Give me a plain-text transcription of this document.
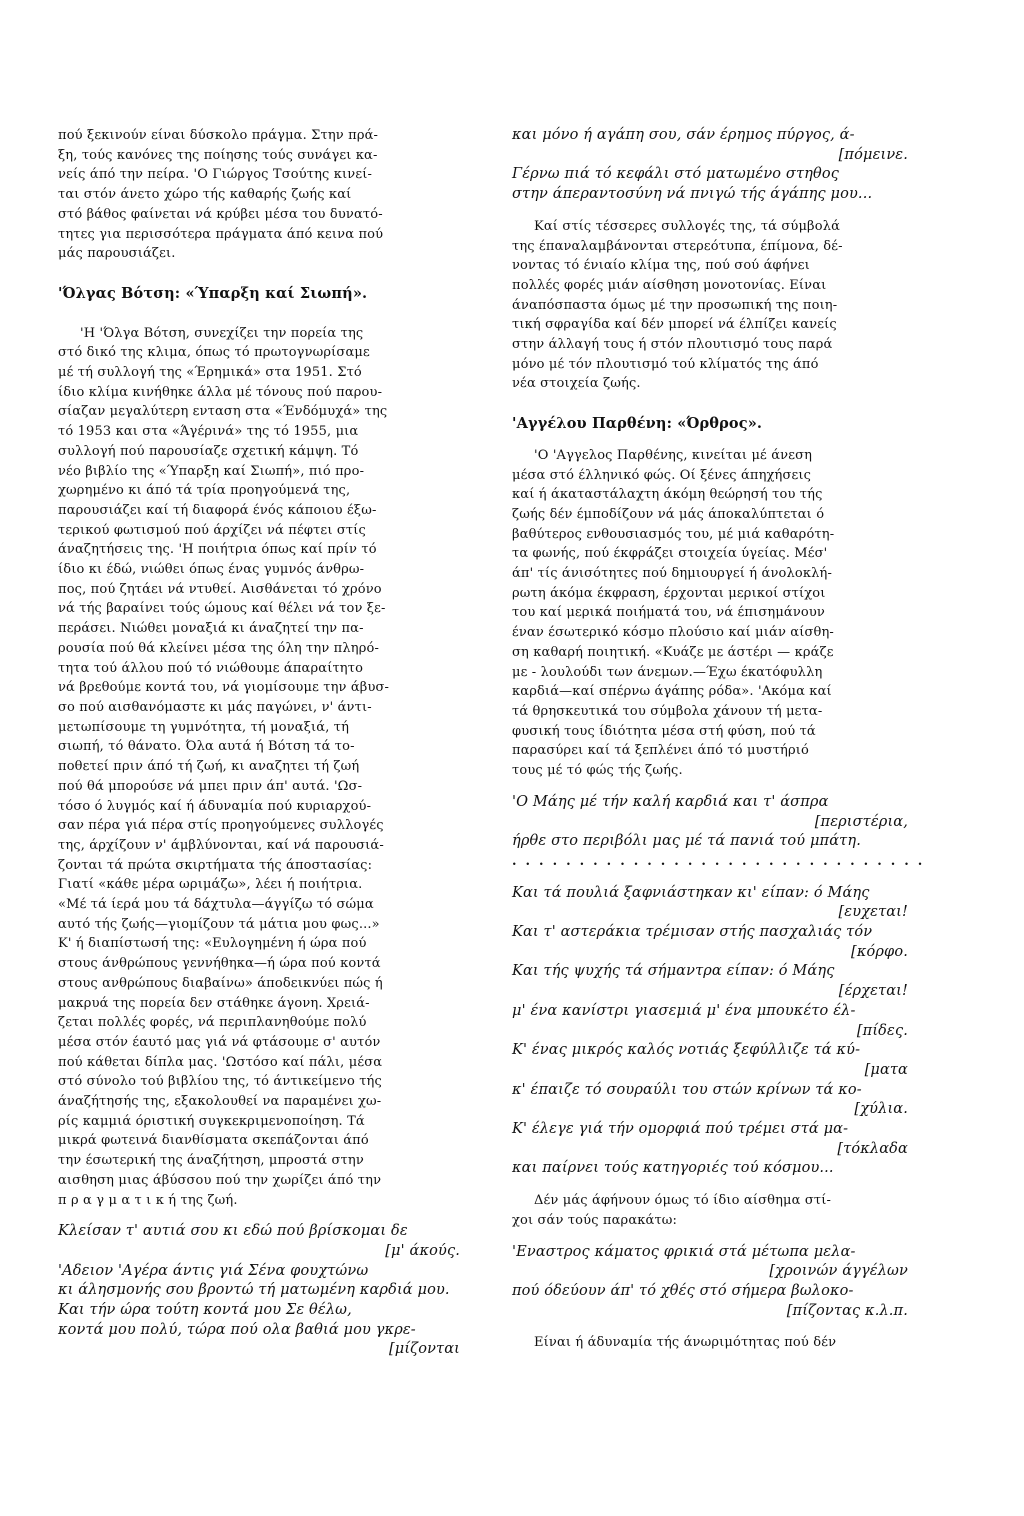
πού ξεκινούν είναι δύσκολο πράγμα. Στην πρά-
ξη, τούς κανόνες της ποίησης τούς συνάγει κα-
νείς άπό την πείρα. 'Ο Γιώργος Τσούτης κινεί-
ται στόν άνετο χώρο τής καθαρής ζωής καί
στό βάθος φαίνεται νά κρύβει μέσα του δυνατό-
τητες για περισσότερα πράγματα άπό κεινα πού
μάς παρουσιάζει.
'Όλγας Βότση: «Ύπαρξη καί Σιωπή».
'Η 'Όλγα Βότση, συνεχίζει την πορεία της
στό δικό της κλιμα, όπως τό πρωτογνωρίσαμε
μέ τή συλλογή της «Έρημικά» στα 1951. Στό
ίδιο κλίμα κινήθηκε άλλα μέ τόνους πού παρου-
σίαζαν μεγαλύτερη ενταση στα «Ένδόμυχά» της
τό 1953 και στα «Άγέρινά» της τό 1955, μια
συλλογή πού παρουσίαζε σχετική κάμψη. Τό
νέο βιβλίο της «Ύπαρξη καί Σιωπή», πιό προ-
χωρημένο κι άπό τά τρία προηγούμενά της,
παρουσιάζει καί τή διαφορά ένός κάποιου έξω-
τερικού φωτισμού πού άρχίζει νά πέφτει στίς
άναζητήσεις της. 'Η ποιήτρια όπως καί πρίν τό
ίδιο κι έδώ, νιώθει όπως ένας γυμνός άνθρω-
πος, πού ζητάει νά ντυθεί. Αισθάνεται τό χρόνο
νά τής βαραίνει τούς ώμους καί θέλει νά τον ξε-
περάσει. Νιώθει μοναξιά κι άναζητεί την πα-
ρουσία πού θά κλείνει μέσα της όλη την πληρό-
τητα τού άλλου πού τό νιώθουμε άπαραίτητο
νά βρεθούμε κοντά του, νά γιομίσουμε την άβυσ-
σο πού αισθανόμαστε κι μάς παγώνει, ν' άντι-
μετωπίσουμε τη γυμνότητα, τή μοναξιά, τή
σιωπή, τό θάνατο. Όλα αυτά ή Βότση τά το-
ποθετεί πριν άπό τή ζωή, κι αναζητει τή ζωή
πού θά μπορούσε νά μπει πριν άπ' αυτά. 'Ωσ-
τόσο ό λυγμός καί ή άδυναμία πού κυριαρχού-
σαν πέρα γιά πέρα στίς προηγούμενες συλλογές
της, άρχίζουν ν' άμβλύνονται, καί νά παρουσιά-
ζονται τά πρώτα σκιρτήματα τής άποστασίας:
Γιατί «κάθε μέρα ωριμάζω», λέει ή ποιήτρια.
«Μέ τά ίερά μου τά δάχτυλα—άγγίζω τό σώμα
αυτό τής ζωής—γιομίζουν τά μάτια μου φως...»
Κ' ή διαπίστωσή της: «Ευλογημένη ή ώρα πού
στους άνθρώπους γεννήθηκα—ή ώρα πού κοντά
στους ανθρώπους διαβαίνω» άποδεικνύει πώς ή
μακρυά της πορεία δεν στάθηκε άγονη. Χρειά-
ζεται πολλές φορές, νά περιπλανηθούμε πολύ
μέσα στόν έαυτό μας γιά νά φτάσουμε σ' αυτόν
πού κάθεται δίπλα μας. 'Ωστόσο καί πάλι, μέσα
στό σύνολο τού βιβλίου της, τό άντικείμενο τής
άναζήτησής της, εξακολουθεί να παραμένει χω-
ρίς καμμιά όριστική συγκεκριμενοποίηση. Τά
μικρά φωτεινά διανθίσματα σκεπάζονται άπό
την έσωτερική της άναζήτηση, μπροστά στην
αισθηση μιας άβύσσου πού την χωρίζει άπό την
π ρ α γ μ α τ ι κ ή της ζωή.
Κλείσαν τ' αυτιά σου κι εδώ πού βρίσκομαι δε
[μ' άκούς.
'Αδειον 'Αγέρα άντις γιά Σένα φουχτώνω
κι άλησμονής σου βροντώ τή ματωμένη καρδιά μου.
Και τήν ώρα τούτη κοντά μου Σε θέλω,
κοντά μου πολύ, τώρα πού ολα βαθιά μου γκρε-
[μίζονται
και μόνο ή αγάπη σου, σάν έρημος πύργος, ά-
[πόμεινε.
Γέρνω πιά τό κεφάλι στό ματωμένο στηθος
στην άπεραντοσύνη νά πνιγώ τής άγάπης μου...
Καί στίς τέσσερες συλλογές της, τά σύμβολά
της έπαναλαμβάνονται στερεότυπα, έπίμονα, δέ-
νοντας τό ένιαίο κλίμα της, πού σού άφήνει
πολλές φορές μιάν αίσθηση μονοτονίας. Είναι
άναπόσπαστα όμως μέ την προσωπική της ποιη-
τική σφραγίδα καί δέν μπορεί νά έλπίζει κανείς
στην άλλαγή τους ή στόν πλουτισμό τους παρά
μόνο μέ τόν πλουτισμό τού κλίματός της άπό
νέα στοιχεία ζωής.
'Αγγέλου Παρθένη: «Όρθρος».
'Ο 'Αγγελος Παρθένης, κινείται μέ άνεση
μέσα στό έλληνικό φώς. Οί ξένες άπηχήσεις
καί ή άκαταστάλαχτη άκόμη θεώρησή του τής
ζωής δέν έμποδίζουν νά μάς άποκαλύπτεται ό
βαθύτερος ενθουσιασμός του, μέ μιά καθαρότη-
τα φωνής, πού έκφράζει στοιχεία ύγείας. Μέσ'
άπ' τίς άνισότητες πού δημιουργεί ή άνολοκλή-
ρωτη άκόμα έκφραση, έρχονται μερικοί στίχοι
του καί μερικά ποιήματά του, νά έπισημάνουν
έναν έσωτερικό κόσμο πλούσιο καί μιάν αίσθη-
ση καθαρή ποιητική. «Κυάζε με άστέρι — κράζε
με - λουλούδι των άνεμων.—Έχω έκατόφυλλη
καρδιά—καί σπέρνω άγάπης ρόδα». 'Ακόμα καί
τά θρησκευτικά του σύμβολα χάνουν τή μετα-
φυσική τους ίδιότητα μέσα στή φύση, πού τά
παρασύρει καί τά ξεπλένει άπό τό μυστήριό
τους μέ τό φώς τής ζωής.
'Ο Μάης μέ τήν καλή καρδιά και τ' άσπρα
[περιστέρια,
ήρθε στο περιβόλι μας μέ τά πανιά τού μπάτη.
...............................
Και τά πουλιά ξαφνιάστηκαν κι' είπαν: ό Μάης
[ευχεται!
Και τ' αστεράκια τρέμισαν στής πασχαλιάς τόν
[κόρφο.
Και τής ψυχής τά σήμαντρα είπαν: ό Μάης
[έρχεται!
μ' ένα κανίστρι γιασεμιά μ' ένα μπουκέτο έλ-
[πίδες.
Κ' ένας μικρός καλός νοτιάς ξεφύλλιζε τά κύ-
[ματα
κ' έπαιζε τό σουραύλι του στών κρίνων τά κο-
[χύλια.
Κ' έλεγε γιά τήν ομορφιά πού τρέμει στά μα-
[τόκλαδα
και παίρνει τούς κατηγοριές τού κόσμου...
Δέν μάς άφήνουν όμως τό ίδιο αίσθημα στί-
χοι σάν τούς παρακάτω:
'Εναστρος κάματος φρικιά στά μέτωπα μελα-
[χροινών άγγέλων
πού όδεύουν άπ' τό χθές στό σήμερα βωλοκο-
[πίζοντας κ.λ.π.
Είναι ή άδυναμία τής άνωριμότητας πού δέν
